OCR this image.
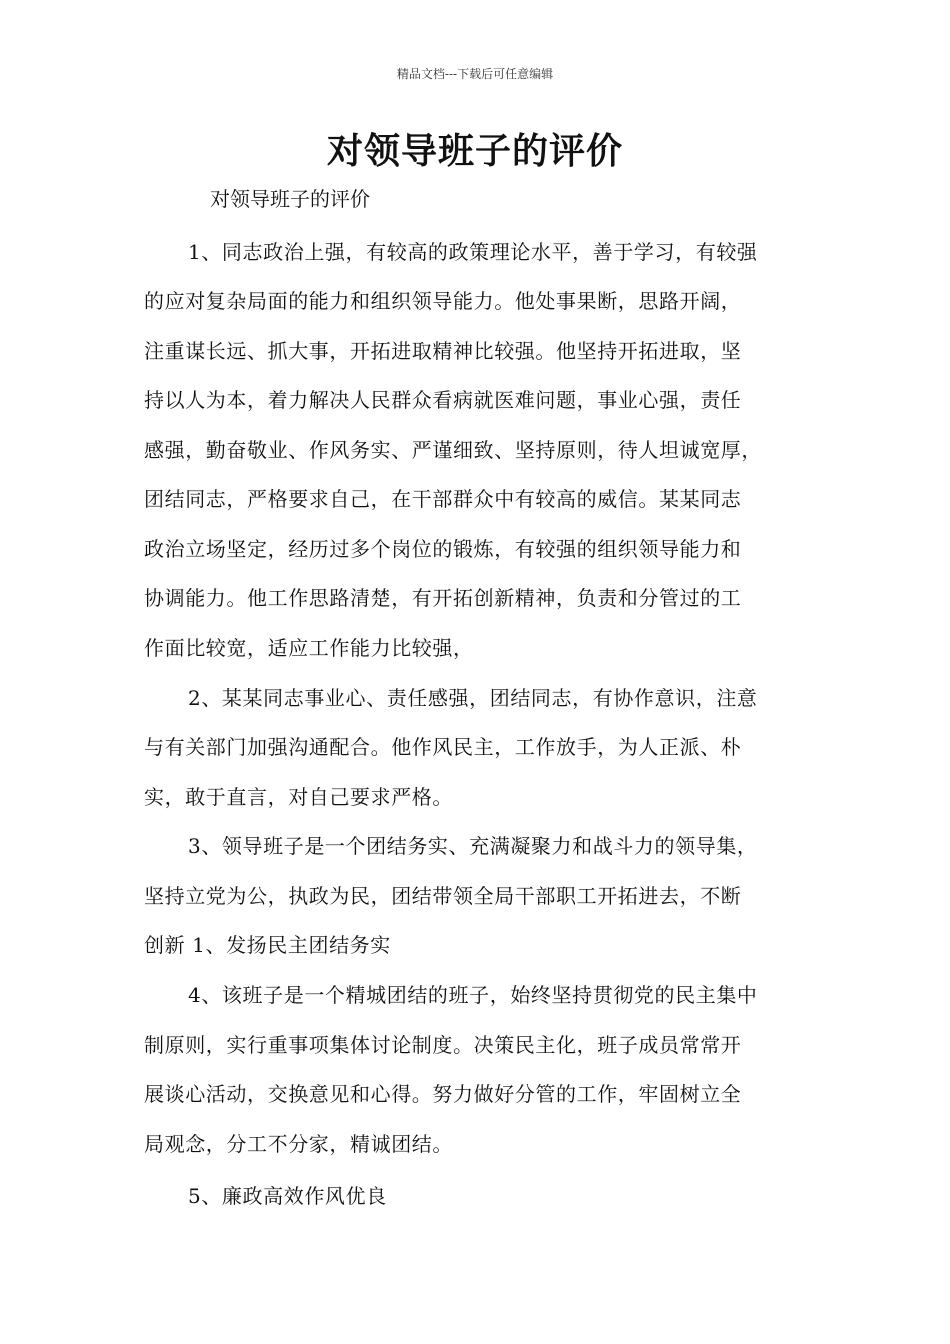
精品文档---下载后可任意编辑
对领导班子的评价
对领导班子的评价
1、同志政治上强，有较高的政策理论水平，善于学习，有较强
的应对复杂局面的能力和组织领导能力。他处事果断，思路开阔，
注重谋长远、抓大事，开拓进取精神比较强。他坚持开拓进取，坚
持以人为本，着力解决人民群众看病就医难问题，事业心强，责任
感强，勤奋敬业、作风务实、严谨细致、坚持原则，待人坦诚宽厚，
团结同志，严格要求自己，在干部群众中有较高的威信。某某同志
政治立场坚定，经历过多个岗位的锻炼，有较强的组织领导能力和
协调能力。他工作思路清楚，有开拓创新精神，负责和分管过的工
作面比较宽，适应工作能力比较强，
2、某某同志事业心、责任感强，团结同志，有协作意识，注意
与有关部门加强沟通配合。他作风民主，工作放手，为人正派、朴
实，敢于直言，对自己要求严格。
3、领导班子是一个团结务实、充满凝聚力和战斗力的领导集，
坚持立党为公，执政为民，团结带领全局干部职工开拓进去，不断
创新 1、发扬民主团结务实
4、该班子是一个精城团结的班子，始终坚持贯彻党的民主集中
制原则，实行重事项集体讨论制度。决策民主化，班子成员常常开
展谈心活动，交换意见和心得。努力做好分管的工作，牢固树立全
局观念，分工不分家，精诚团结。
5、廉政高效作风优良
